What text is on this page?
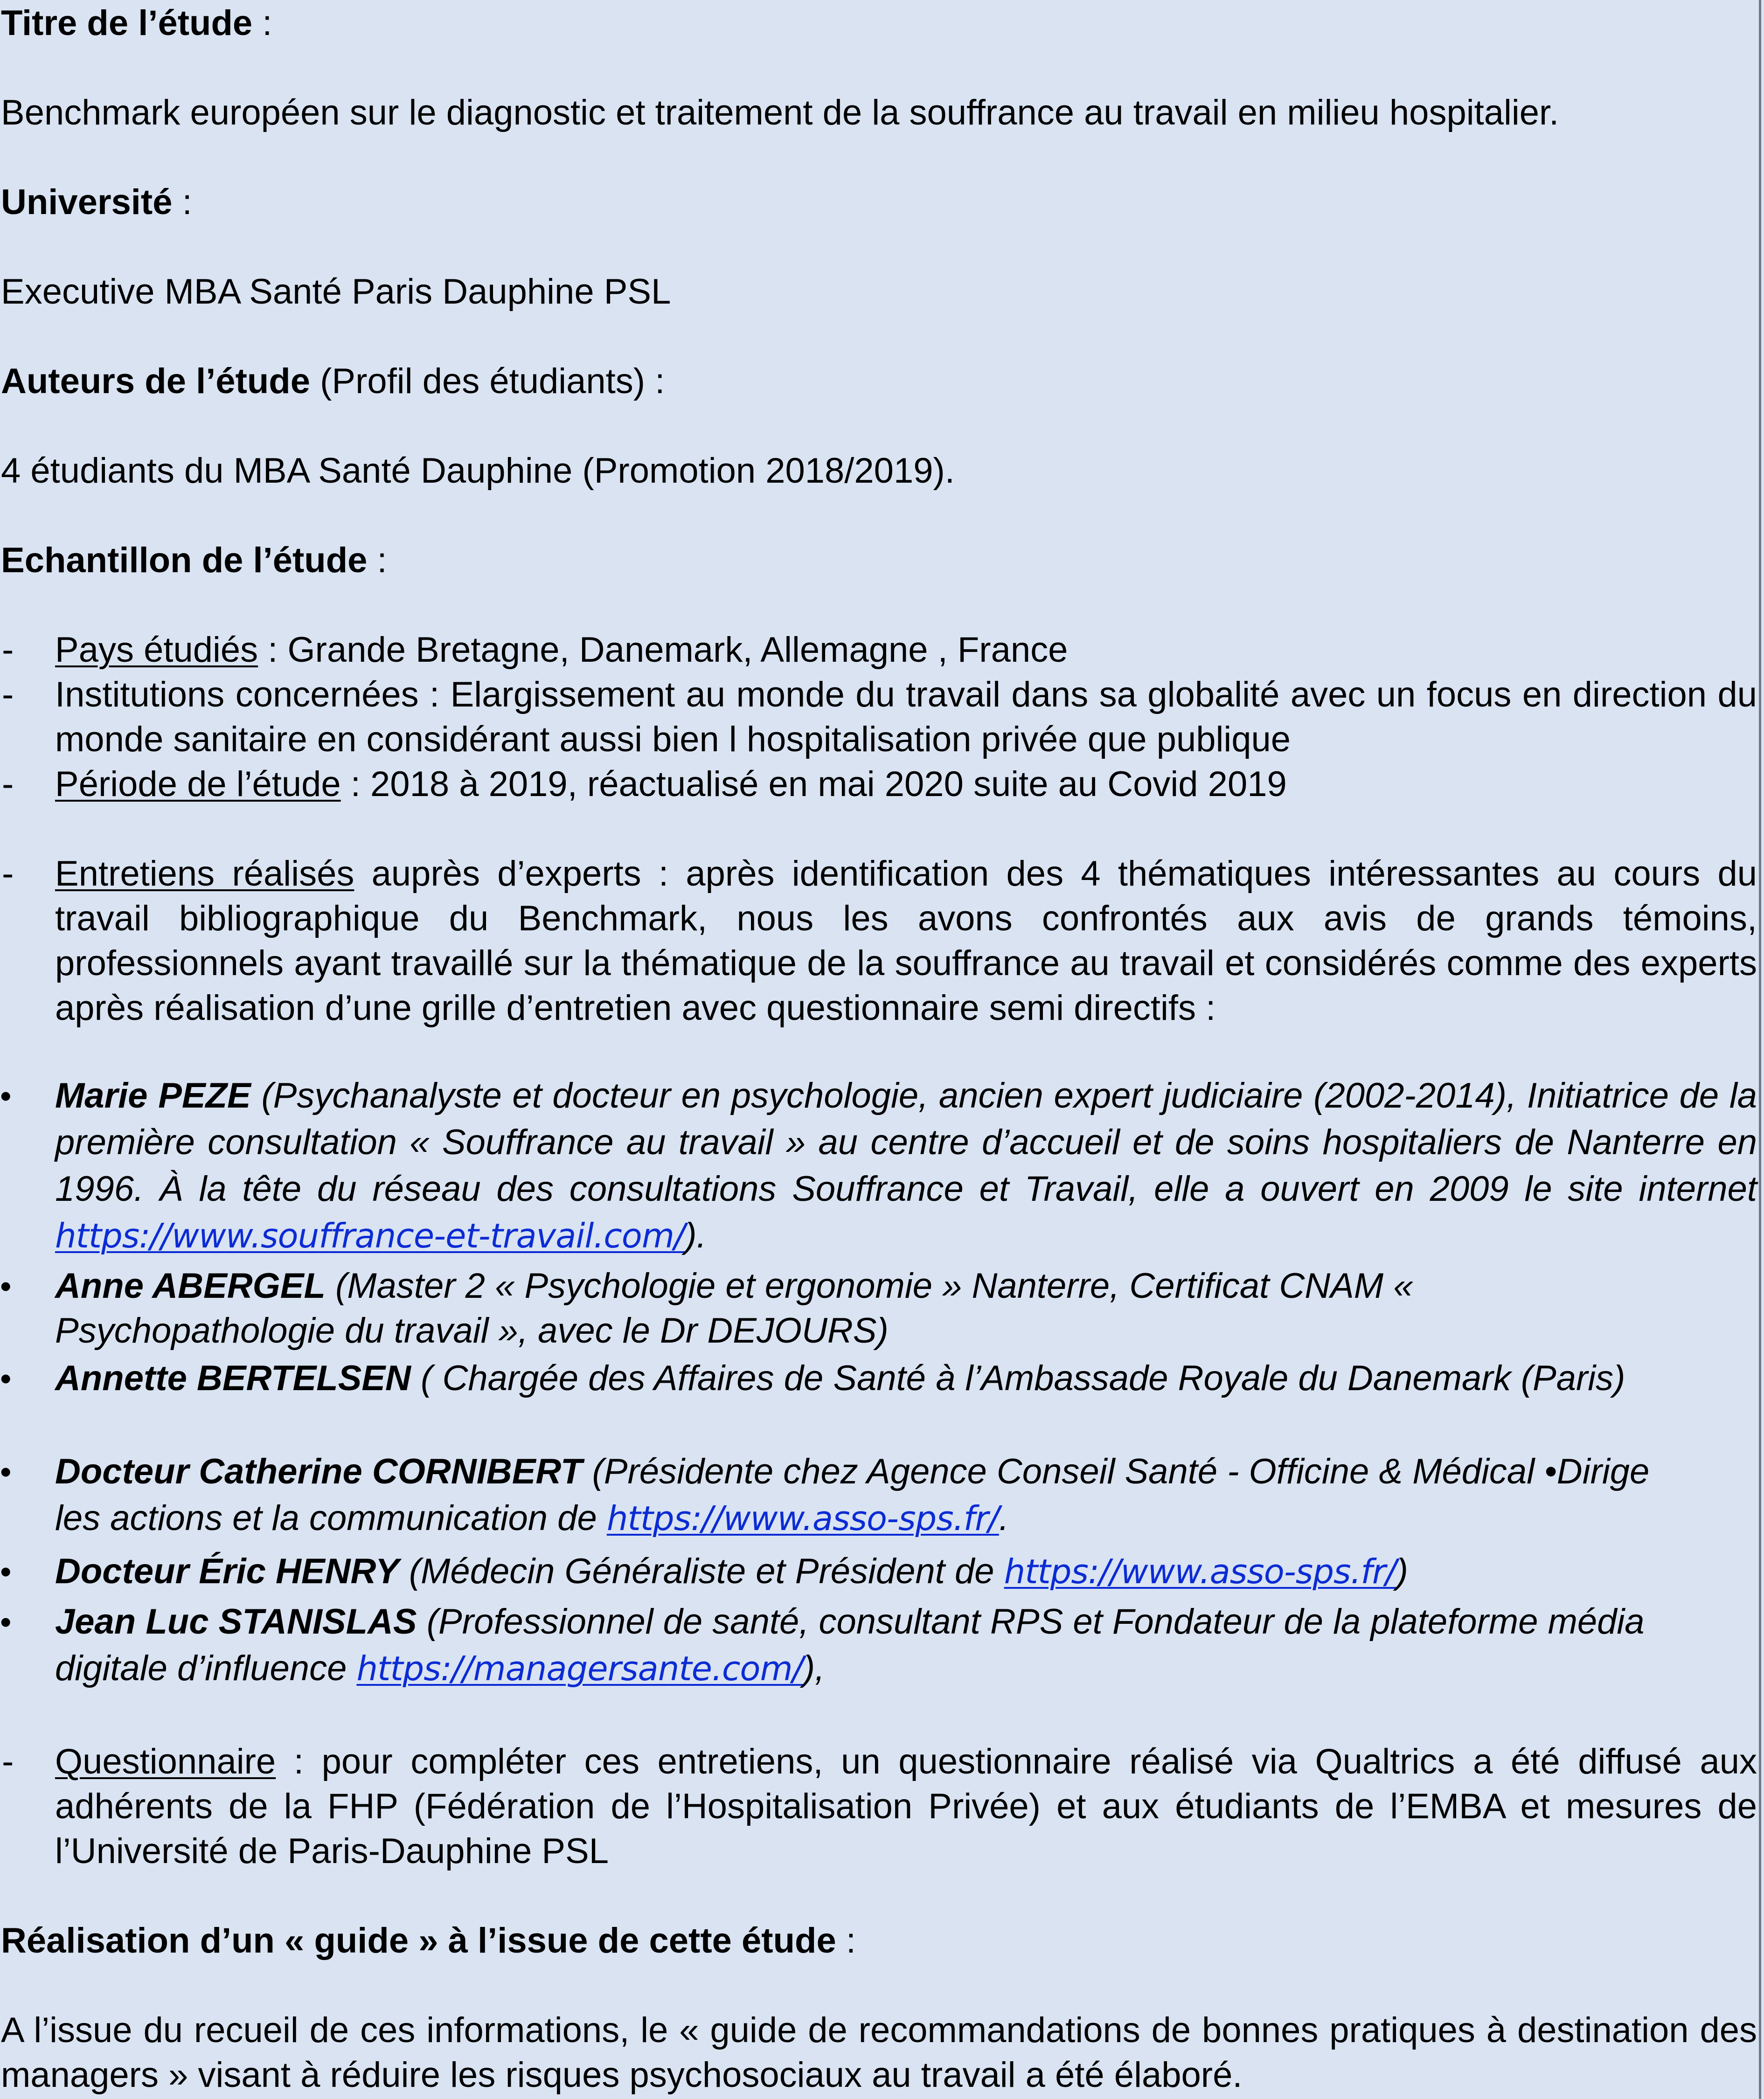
Titre de l’étude :

Benchmark européen sur le diagnostic et traitement de la souffrance au travail en milieu hospitalier.

Université :

Executive MBA Santé Paris Dauphine PSL

Auteurs de l’étude (Profil des étudiants) :

4 étudiants du MBA Santé Dauphine (Promotion 2018/2019).

Echantillon de l’étude :

-	Pays étudiés : Grande Bretagne, Danemark, Allemagne , France
-	Institutions concernées : Elargissement au monde du travail dans sa globalité avec un focus en direction du monde sanitaire en considérant aussi bien l hospitalisation privée que publique
-	Période de l’étude : 2018 à 2019, réactualisé en mai 2020 suite au Covid 2019
-	Entretiens réalisés auprès d’experts : après identification des 4 thématiques intéressantes au cours du travail bibliographique du Benchmark, nous les avons confrontés aux avis de grands témoins, professionnels ayant travaillé sur la thématique de la souffrance au travail et considérés comme des experts après réalisation d’une grille d’entretien avec questionnaire semi directifs :
•	Marie PEZE (Psychanalyste et docteur en psychologie, ancien expert judiciaire (2002-2014), Initiatrice de la première consultation « Souffrance au travail » au centre d’accueil et de soins hospitaliers de Nanterre en 1996. À la tête du réseau des consultations Souffrance et Travail, elle a ouvert en 2009 le site internet https://www.souffrance-et-travail.com/).
•	Anne ABERGEL (Master 2 « Psychologie et ergonomie » Nanterre, Certificat CNAM « Psychopathologie du travail », avec le Dr DEJOURS)
•	Annette BERTELSEN ( Chargée des Affaires de Santé à l’Ambassade Royale du Danemark (Paris)
•	Docteur Catherine CORNIBERT (Présidente chez Agence Conseil Santé - Officine & Médical •Dirige les actions et la communication de https://www.asso-sps.fr/.
•	Docteur Éric HENRY (Médecin Généraliste et Président de https://www.asso-sps.fr/)
•	Jean Luc STANISLAS (Professionnel de santé, consultant RPS et Fondateur de la plateforme média digitale d’influence https://managersante.com/),
-	Questionnaire : pour compléter ces entretiens, un questionnaire réalisé via Qualtrics a été diffusé aux adhérents de la FHP (Fédération de l’Hospitalisation Privée) et aux étudiants de l’EMBA et mesures de l’Université de Paris-Dauphine PSL

Réalisation d’un « guide » à l’issue de cette étude :

A l’issue du recueil de ces informations, le « guide de recommandations de bonnes pratiques à destination des managers » visant à réduire les risques psychosociaux au travail a été élaboré.
